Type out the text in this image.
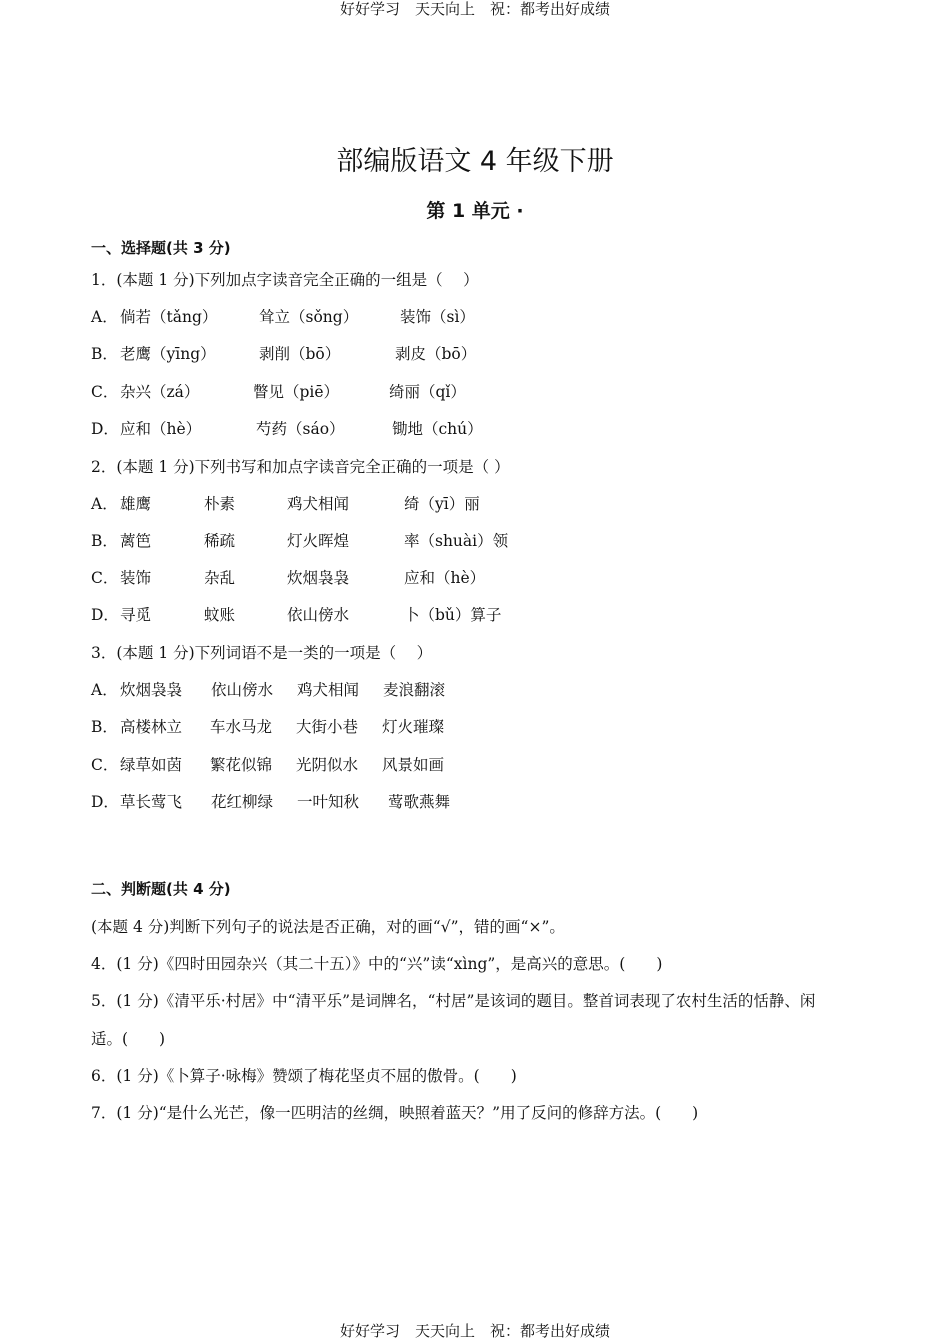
好好学习　天天向上　祝：都考出好成绩
部编版语文 4 年级下册
第 1 单元 ·
一、选择题(共 3 分)
1．(本题 1 分)下列加点字读音完全正确的一组是（　 ）
A． 倘若（tǎng）	耸立（sǒng）	装饰（sì）
B． 老鹰（yīng）	剥削（bō）	剥皮（bō）
C． 杂兴（zá）	瞥见（piē）	绮丽（qǐ）
D． 应和（hè）	芍药（sáo）	锄地（chú）
2．(本题 1 分)下列书写和加点字读音完全正确的一项是（ ）
A． 雄鹰	朴素	鸡犬相闻	绮（yī）丽
B． 蓠笆	稀疏	灯火晖煌	率（shuài）领
C． 装饰	杂乱	炊烟袅袅	应和（hè）
D． 寻觅	蚊账	依山傍水	卜（bǔ）算子
3．(本题 1 分)下列词语不是一类的一项是（　 ）
A． 炊烟袅袅 依山傍水 鸡犬相闻 麦浪翻滚
B． 高楼林立 车水马龙 大街小巷 灯火璀璨
C． 绿草如茵 繁花似锦 光阴似水 风景如画
D． 草长莺飞 花红柳绿 一叶知秋 莺歌燕舞
二、判断题(共 4 分)
(本题 4 分)判断下列句子的说法是否正确，对的画“√”，错的画“×”。
4．(1 分)《四时田园杂兴（其二十五）》中的“兴”读“xìng”，是高兴的意思。(　　)
5．(1 分)《清平乐·村居》中“清平乐”是词牌名，“村居”是该词的题目。整首词表现了农村生活的恬静、闲
适。(　　)
6．(1 分)《卜算子·咏梅》赞颂了梅花坚贞不屈的傲骨。(　　)
7．(1 分)“是什么光芒，像一匹明洁的丝绸，映照着蓝天？”用了反问的修辞方法。(　　)
好好学习　天天向上　祝：都考出好成绩
